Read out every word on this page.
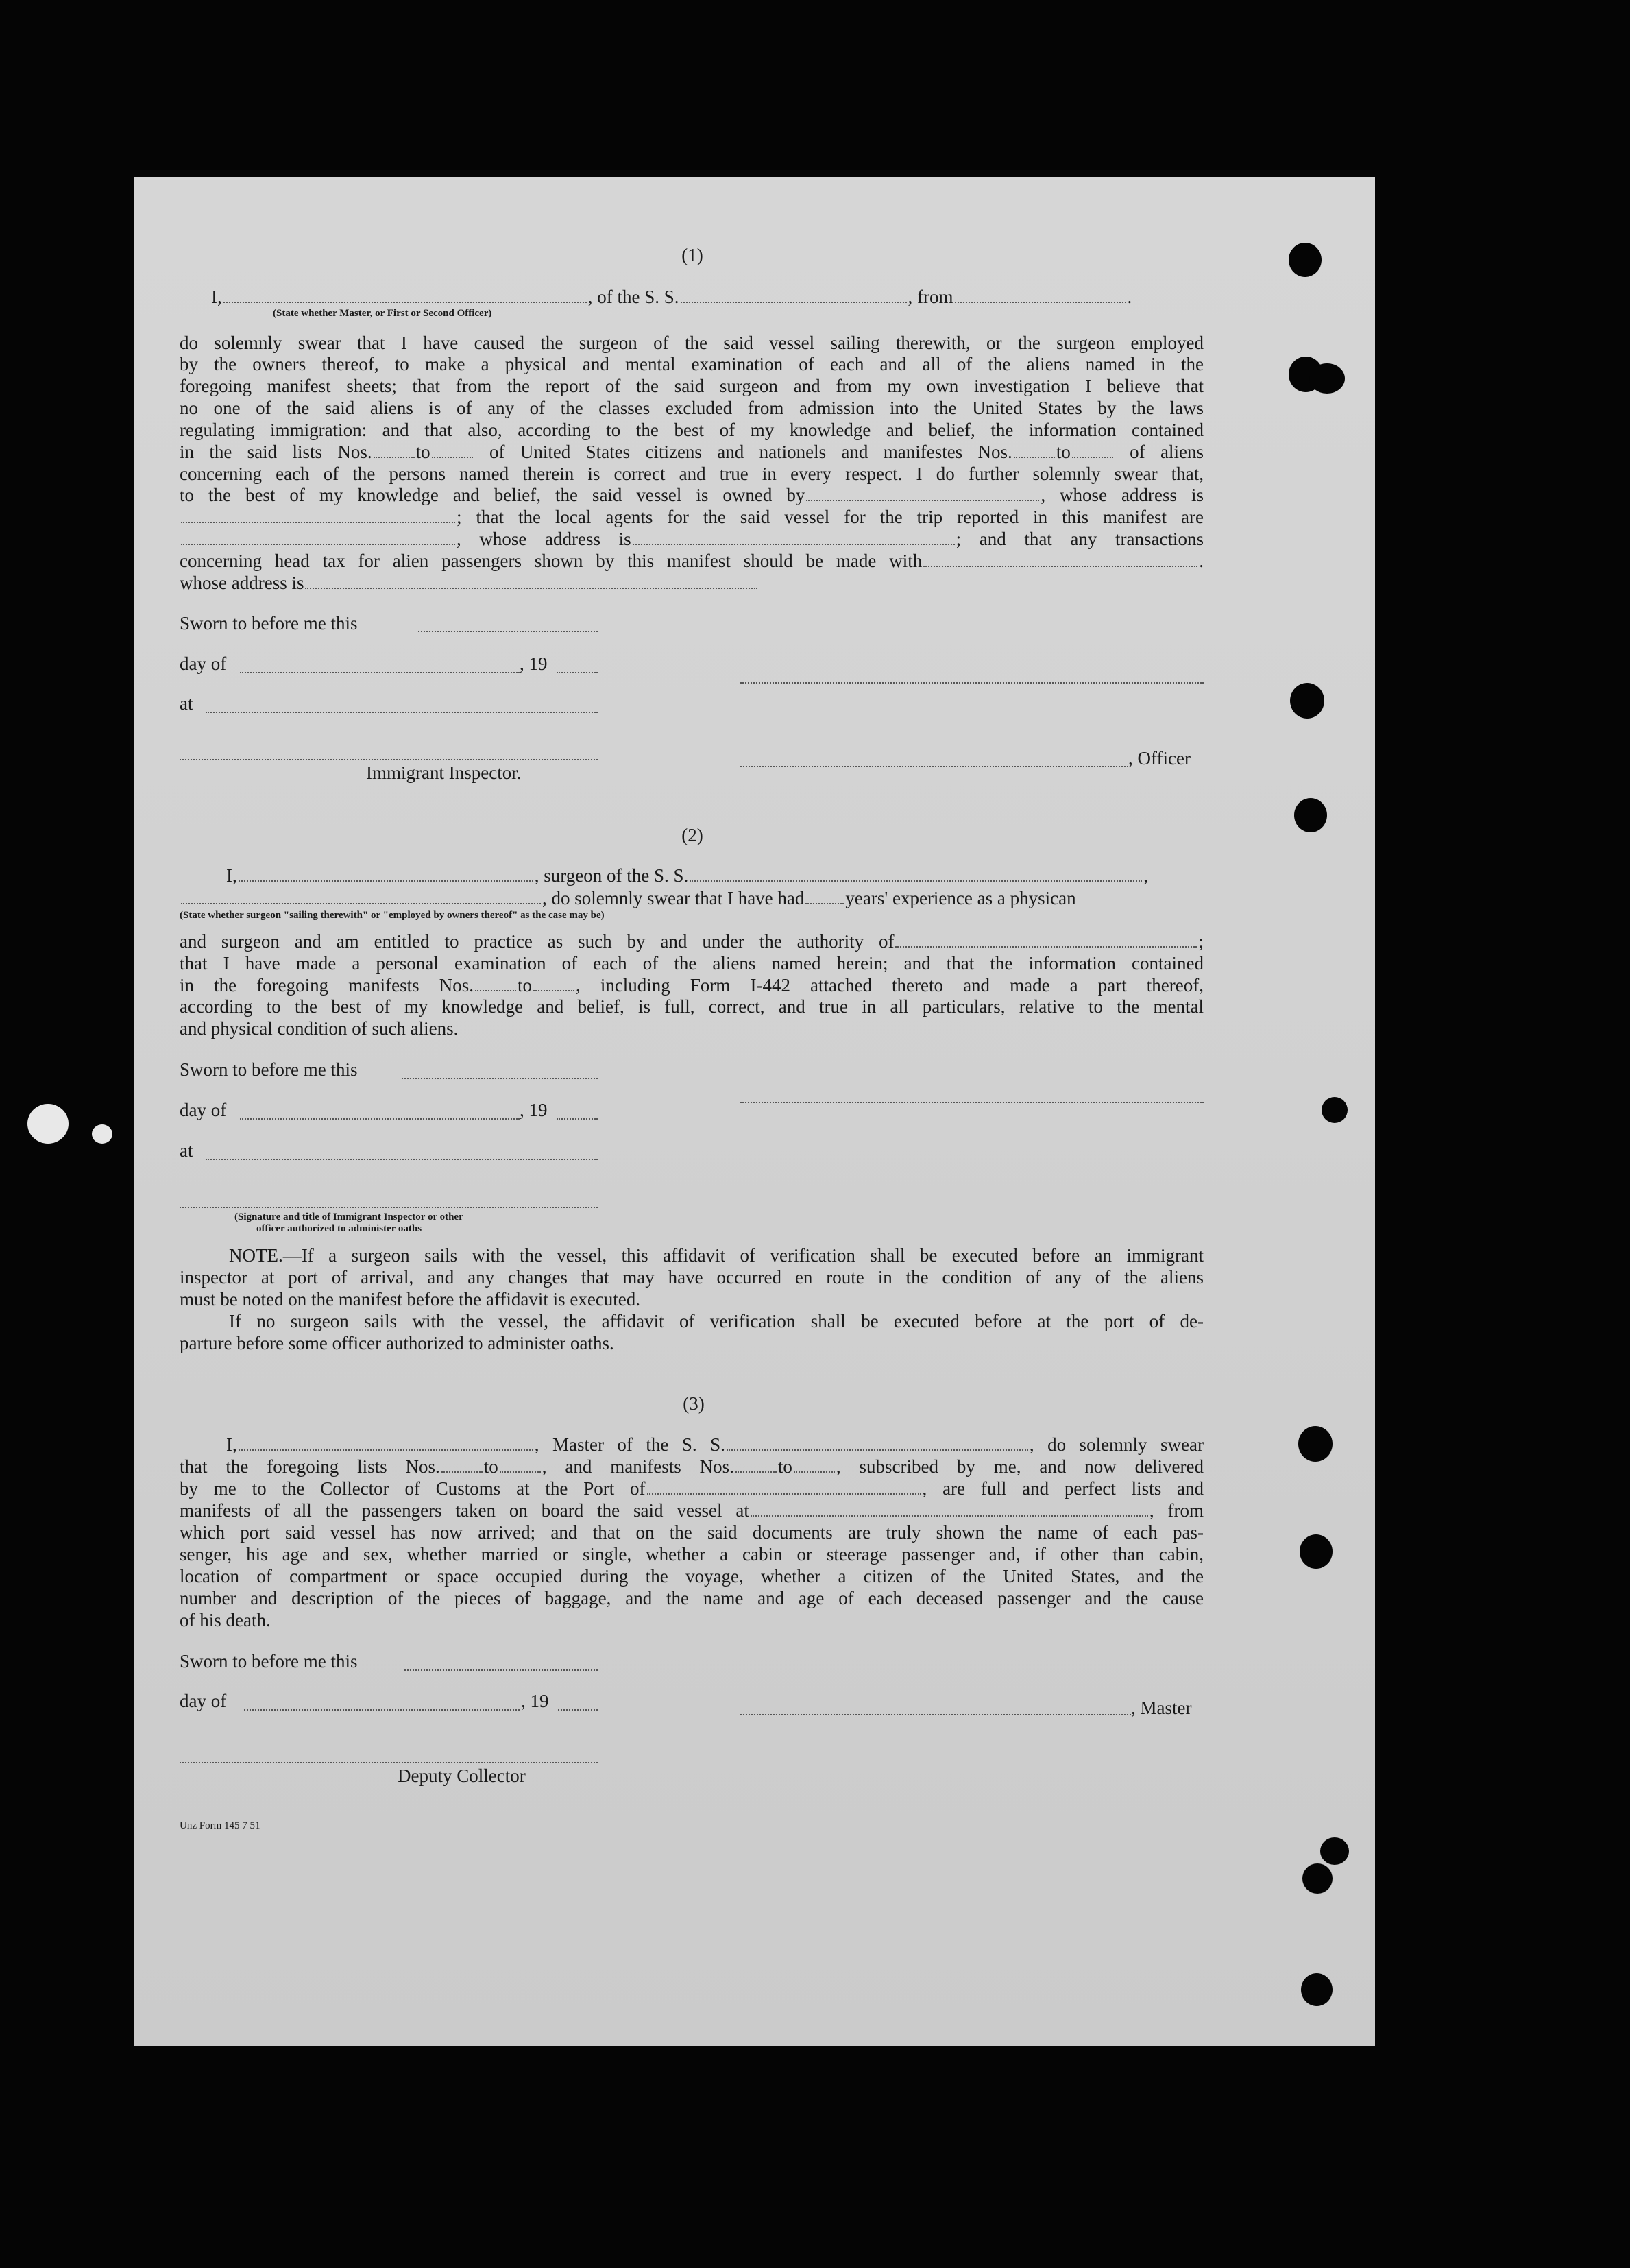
(1)
I,	, of the S. S.	, from	.
(State whether Master, or First or Second Officer)
do solemnly swear that I have caused the surgeon of the said vessel sailing therewith, or the surgeon employed
by the owners thereof, to make a physical and mental examination of each and all of the aliens named in the
foregoing manifest sheets; that from the report of the said surgeon and from my own investigation I believe that
no one of the said aliens is of any of the classes excluded from admission into the United States by the laws
regulating immigration: and that also, according to the best of my knowledge and belief, the information contained
in the said lists Nos. to	of United States citizens and nationels and manifestes Nos. to	of aliens
concerning each of the persons named therein is correct and true in every respect. I do further solemnly swear that,
to the best of my knowledge and belief, the said vessel is owned by	, whose address is
; that the local agents for the said vessel for the trip reported in this manifest are
, whose address is	; and that any transactions
concerning head tax for alien passengers shown by this manifest should be made with	.
whose address is
Sworn to before me this
day of	, 19
at
, Officer
Immigrant Inspector.
(2)
I,	, surgeon of the S. S.	,
, do solemnly swear that I have had years' experience as a physican
(State whether surgeon "sailing therewith" or "employed by owners thereof" as the case may be)
and surgeon and am entitled to practice as such by and under the authority of	;
that I have made a personal examination of each of the aliens named herein; and that the information contained
in the foregoing manifests Nos. to , including Form I-442 attached thereto and made a part thereof,
according to the best of my knowledge and belief, is full, correct, and true in all particulars, relative to the mental
and physical condition of such aliens.
Sworn to before me this
day of	, 19
at
(Signature and title of Immigrant Inspector or other
officer authorized to administer oaths
NOTE.—If a surgeon sails with the vessel, this affidavit of verification shall be executed before an immigrant
inspector at port of arrival, and any changes that may have occurred en route in the condition of any of the aliens
must be noted on the manifest before the affidavit is executed.
If no surgeon sails with the vessel, the affidavit of verification shall be executed before at the port of de-
parture before some officer authorized to administer oaths.
(3)
I,	, Master of the S. S.	, do solemnly swear
that the foregoing lists Nos. to , and manifests Nos. to , subscribed by me, and now delivered
by me to the Collector of Customs at the Port of	, are full and perfect lists and
manifests of all the passengers taken on board the said vessel at	, from
which port said vessel has now arrived; and that on the said documents are truly shown the name of each pas-
senger, his age and sex, whether married or single, whether a cabin or steerage passenger and, if other than cabin,
location of compartment or space occupied during the voyage, whether a citizen of the United States, and the
number and description of the pieces of baggage, and the name and age of each deceased passenger and the cause
of his death.
Sworn to before me this
day of	, 19	, Master
Deputy Collector
Unz Form 145 7 51
